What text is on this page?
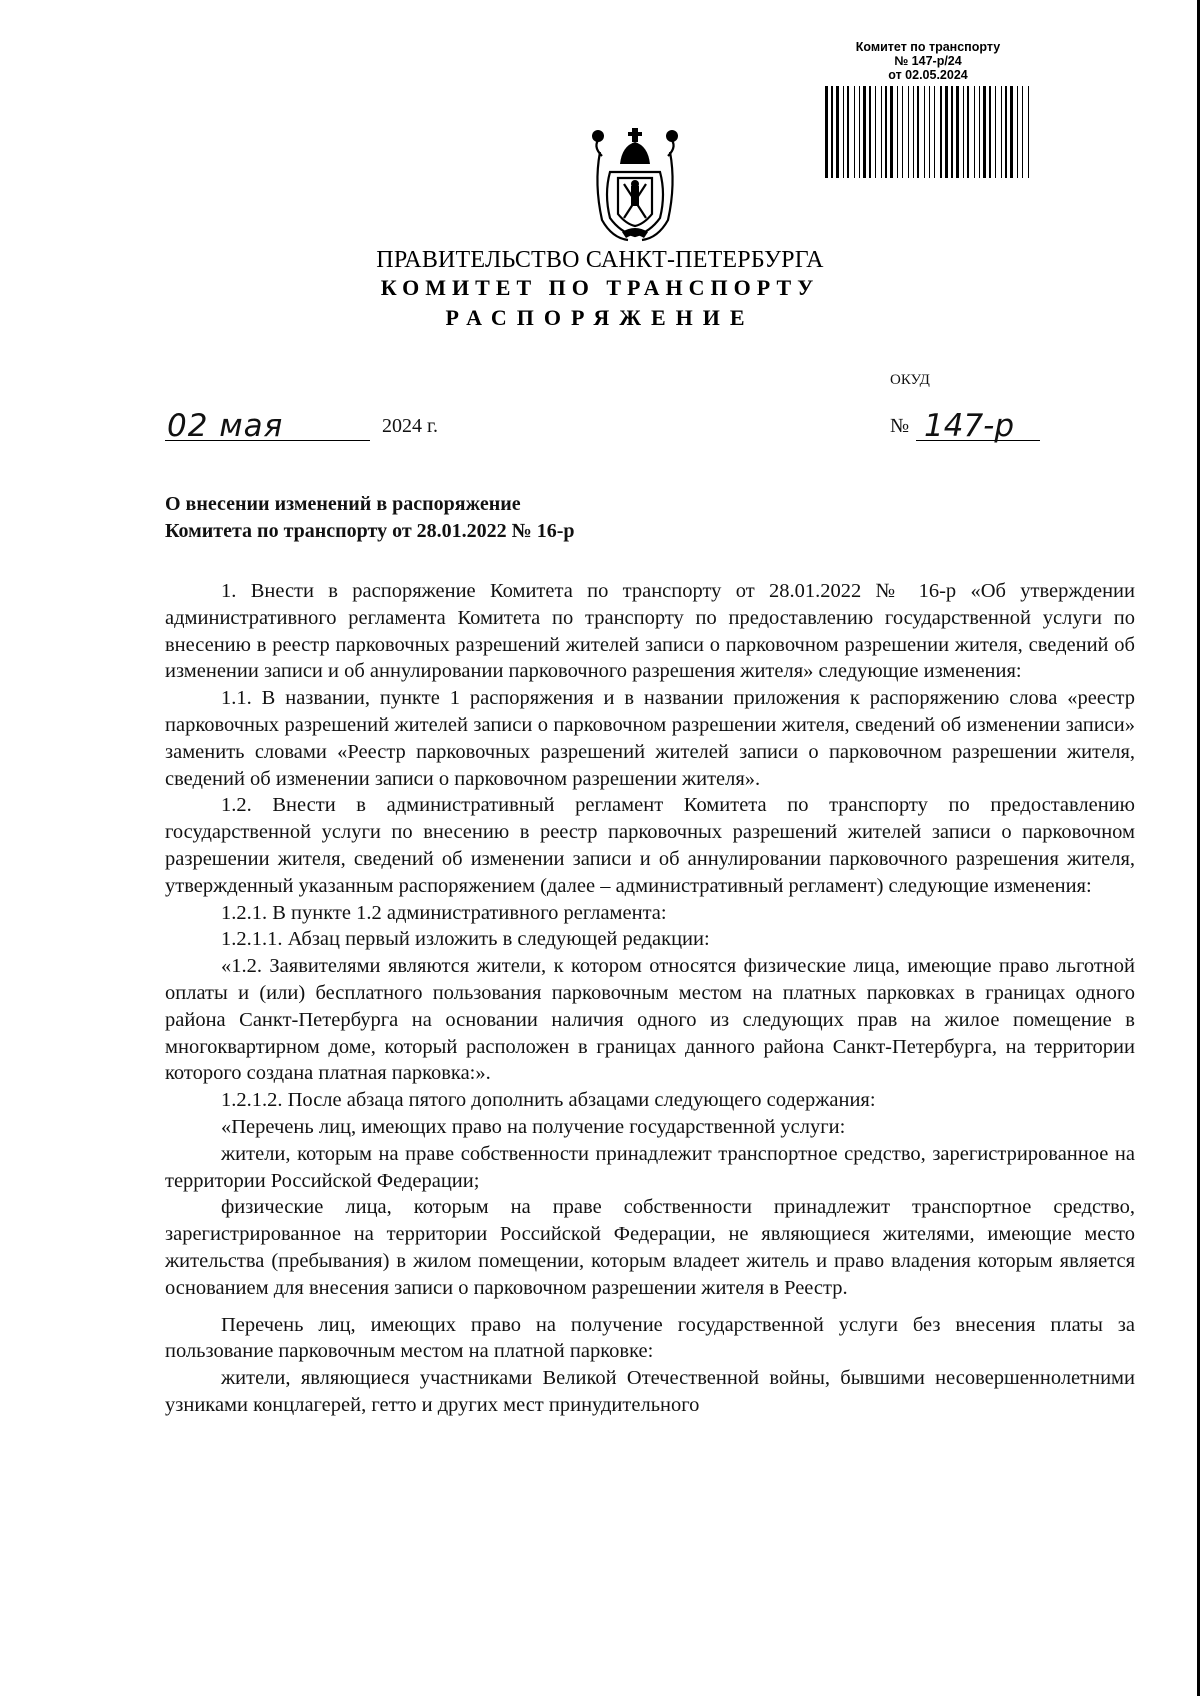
Комитет по транспорту
№ 147-р/24
от 02.05.2024
ПРАВИТЕЛЬСТВО САНКТ-ПЕТЕРБУРГА
КОМИТЕТ ПО ТРАНСПОРТУ
РАСПОРЯЖЕНИЕ
ОКУД
02 мая	2024 г.	№ 147-р
О внесении изменений в распоряжение
Комитета по транспорту от 28.01.2022 № 16-р

1. Внести в распоряжение Комитета по транспорту от 28.01.2022 № 16-р «Об утверждении административного регламента Комитета по транспорту по предоставлению государственной услуги по внесению в реестр парковочных разрешений жителей записи о парковочном разрешении жителя, сведений об изменении записи и об аннулировании парковочного разрешения жителя» следующие изменения:

1.1. В названии, пункте 1 распоряжения и в названии приложения к распоряжению слова «реестр парковочных разрешений жителей записи о парковочном разрешении жителя, сведений об изменении записи» заменить словами «Реестр парковочных разрешений жителей записи о парковочном разрешении жителя, сведений об изменении записи о парковочном разрешении жителя».

1.2. Внести в административный регламент Комитета по транспорту по предоставлению государственной услуги по внесению в реестр парковочных разрешений жителей записи о парковочном разрешении жителя, сведений об изменении записи и об аннулировании парковочного разрешения жителя, утвержденный указанным распоряжением (далее – административный регламент) следующие изменения:

1.2.1. В пункте 1.2 административного регламента:

1.2.1.1. Абзац первый изложить в следующей редакции:

«1.2. Заявителями являются жители, к котором относятся физические лица, имеющие право льготной оплаты и (или) бесплатного пользования парковочным местом на платных парковках в границах одного района Санкт-Петербурга на основании наличия одного из следующих прав на жилое помещение в многоквартирном доме, который расположен в границах данного района Санкт-Петербурга, на территории которого создана платная парковка:».

1.2.1.2. После абзаца пятого дополнить абзацами следующего содержания:

«Перечень лиц, имеющих право на получение государственной услуги:

жители, которым на праве собственности принадлежит транспортное средство, зарегистрированное на территории Российской Федерации;

физические лица, которым на праве собственности принадлежит транспортное средство, зарегистрированное на территории Российской Федерации, не являющиеся жителями, имеющие место жительства (пребывания) в жилом помещении, которым владеет житель и право владения которым является основанием для внесения записи о парковочном разрешении жителя в Реестр.

Перечень лиц, имеющих право на получение государственной услуги без внесения платы за пользование парковочным местом на платной парковке:

жители, являющиеся участниками Великой Отечественной войны, бывшими несовершеннолетними узниками концлагерей, гетто и других мест принудительного
